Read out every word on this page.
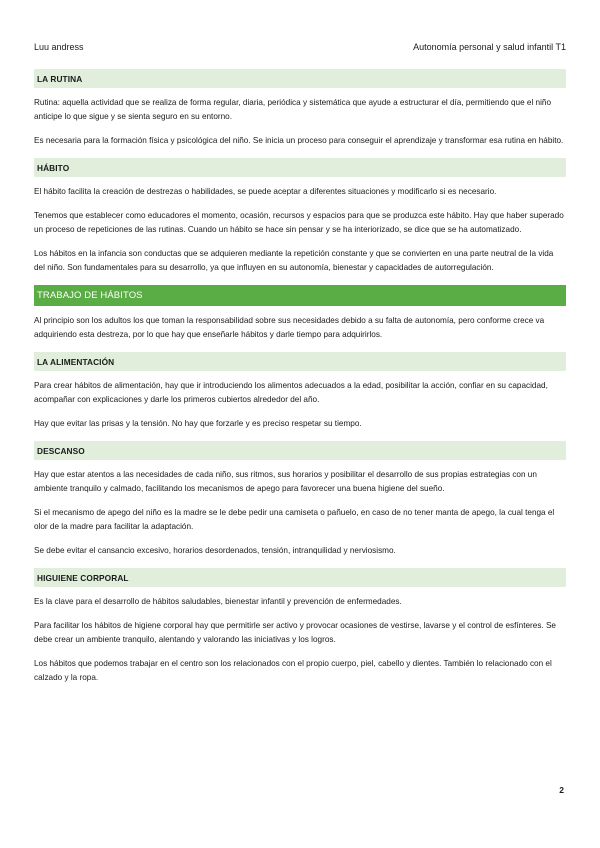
Luu andress	Autonomía personal y salud infantil T1
LA RUTINA

Rutina: aquella actividad que se realiza de forma regular, diaria, periódica y sistemática que ayude a estructurar el día, permitiendo que el niño anticipe lo que sigue y se sienta seguro en su entorno.

Es necesaria para la formación física y psicológica del niño. Se inicia un proceso para conseguir el aprendizaje y transformar esa rutina en hábito.

HÁBITO

El hábito facilita la creación de destrezas o habilidades, se puede aceptar a diferentes situaciones y modificarlo si es necesario.

Tenemos que establecer como educadores el momento, ocasión, recursos y espacios para que se produzca este hábito. Hay que haber superado un proceso de repeticiones de las rutinas. Cuando un hábito se hace sin pensar y se ha interiorizado, se dice que se ha automatizado.

Los hábitos en la infancia son conductas que se adquieren mediante la repetición constante y que se convierten en una parte neutral de la vida del niño. Son fundamentales para su desarrollo, ya que influyen en su autonomía, bienestar y capacidades de autorregulación.

TRABAJO DE HÁBITOS

Al principio son los adultos los que toman la responsabilidad sobre sus necesidades debido a su falta de autonomía, pero conforme crece va adquiriendo esta destreza, por lo que hay que enseñarle hábitos y darle tiempo para adquirirlos.

LA ALIMENTACIÓN

Para crear hábitos de alimentación, hay que ir introduciendo los alimentos adecuados a la edad, posibilitar la acción, confiar en su capacidad, acompañar con explicaciones y darle los primeros cubiertos alrededor del año.

Hay que evitar las prisas y la tensión. No hay que forzarle y es preciso respetar su tiempo.

DESCANSO

Hay que estar atentos a las necesidades de cada niño, sus ritmos, sus horarios y posibilitar el desarrollo de sus propias estrategias con un ambiente tranquilo y calmado, facilitando los mecanismos de apego para favorecer una buena higiene del sueño.

Si el mecanismo de apego del niño es la madre se le debe pedir una camiseta o pañuelo, en caso de no tener manta de apego, la cual tenga el olor de la madre para facilitar la adaptación.

Se debe evitar el cansancio excesivo, horarios desordenados, tensión, intranquilidad y nerviosismo.

HIGUIENE CORPORAL

Es la clave para el desarrollo de hábitos saludables, bienestar infantil y prevención de enfermedades.

Para facilitar los hábitos de higiene corporal hay que permitirle ser activo y provocar ocasiones de vestirse, lavarse y el control de esfínteres. Se debe crear un ambiente tranquilo, alentando y valorando las iniciativas y los logros.

Los hábitos que podemos trabajar en el centro son los relacionados con el propio cuerpo, piel, cabello y dientes. También lo relacionado con el calzado y la ropa.

2
